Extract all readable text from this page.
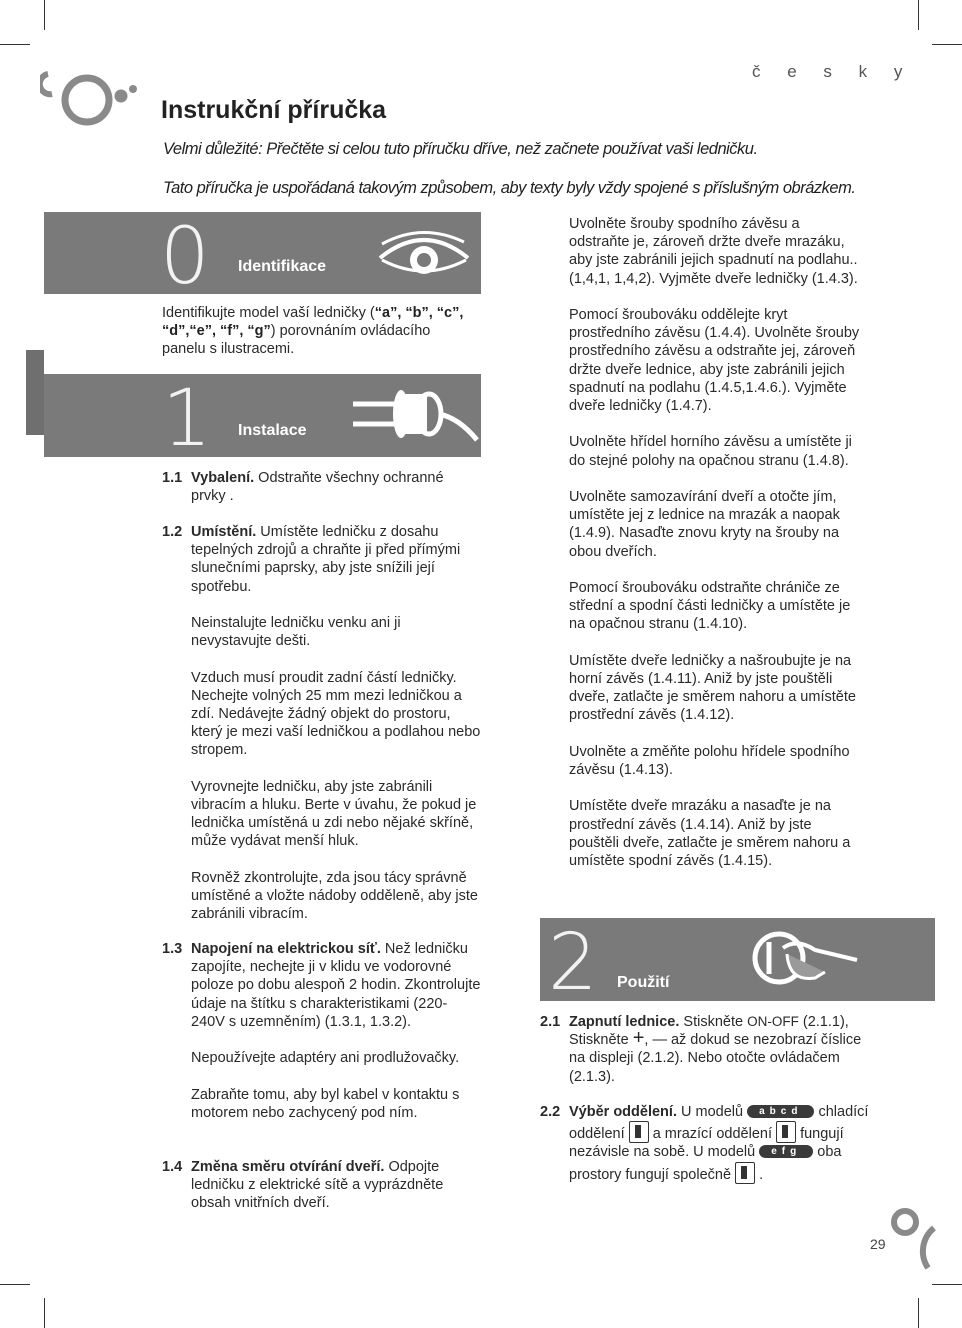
č e s k y
Instrukční příručka
Velmi důležité: Přečtěte si celou tuto příručku dříve, než začnete používat vaši ledničku.
Tato příručka je uspořádaná takovým způsobem, aby texty byly vždy spojené s příslušným obrázkem.
0 Identifikace
Identifikujte model vaší ledničky (“a”, “b”, “c”, “d”,“e”, “f”, “g”) porovnáním ovládacího panelu s ilustracemi.
1 Instalace
1.1 Vybalení. Odstraňte všechny ochranné prvky .

1.2 Umístění. Umístěte ledničku z dosahu tepelných zdrojů a chraňte ji před přímými slunečními paprsky, aby jste snížili její spotřebu.

Neinstalujte ledničku venku ani ji nevystavujte dešti.

Vzduch musí proudit zadní částí ledničky. Nechejte volných 25 mm mezi ledničkou a zdí. Nedávejte žádný objekt do prostoru, který je mezi vaší ledničkou a podlahou nebo stropem.

Vyrovnejte ledničku, aby jste zabránili vibracím a hluku. Berte v úvahu, že pokud je lednička umístěná u zdi nebo nějaké skříně, může vydávat menší hluk.

Rovněž zkontrolujte, zda jsou tácy správně umístěné a vložte nádoby odděleně, aby jste zabránili vibracím.

1.3 Napojení na elektrickou síť. Než ledničku zapojíte, nechejte ji v klidu ve vodorovné poloze po dobu alespoň 2 hodin. Zkontrolujte údaje na štítku s charakteristikami (220-240V s uzemněním) (1.3.1, 1.3.2).

Nepoužívejte adaptéry ani prodlužovačky.

Zabraňte tomu, aby byl kabel v kontaktu s motorem nebo zachycený pod ním.

1.4 Změna směru otvírání dveří. Odpojte ledničku z elektrické sítě a vyprázdněte obsah vnitřních dveří.

Uvolněte šrouby spodního závěsu a odstraňte je, zároveň držte dveře mrazáku, aby jste zabránili jejich spadnutí na podlahu.. (1,4,1, 1,4,2). Vyjměte dveře ledničky (1.4.3).

Pomocí šroubováku oddělejte kryt prostředního závěsu (1.4.4). Uvolněte šrouby prostředního závěsu a odstraňte jej, zároveň držte dveře lednice, aby jste zabránili jejich spadnutí na podlahu (1.4.5,1.4.6.). Vyjměte dveře ledničky (1.4.7).

Uvolněte hřídel horního závěsu a umístěte ji do stejné polohy na opačnou stranu (1.4.8).

Uvolněte samozavírání dveří a otočte jím, umístěte jej z lednice na mrazák a naopak (1.4.9). Nasaďte znovu kryty na šrouby na obou dveřích.

Pomocí šroubováku odstraňte chrániče ze střední a spodní části ledničky a umístěte je na opačnou stranu (1.4.10).

Umístěte dveře ledničky a našroubujte je na horní závěs (1.4.11). Aniž by jste pouštěli dveře, zatlačte je směrem nahoru a umístěte prostřední závěs (1.4.12).

Uvolněte a změňte polohu hřídele spodního závěsu (1.4.13).

Umístěte dveře mrazáku a nasaďte je na prostřední závěs (1.4.14). Aniž by jste pouštěli dveře, zatlačte je směrem nahoru a umístěte spodní závěs (1.4.15).

2 Použití
2.1 Zapnutí lednice. Stiskněte ON-OFF (2.1.1), Stiskněte +, — až dokud se nezobrazí číslice na displeji (2.1.2). Nebo otočte ovládačem (2.1.3).

2.2 Výběr oddělení. U modelů abcd chladící oddělení a mrazící oddělení fungují nezávisle na sobě. U modelů efg oba prostory fungují společně .

29
